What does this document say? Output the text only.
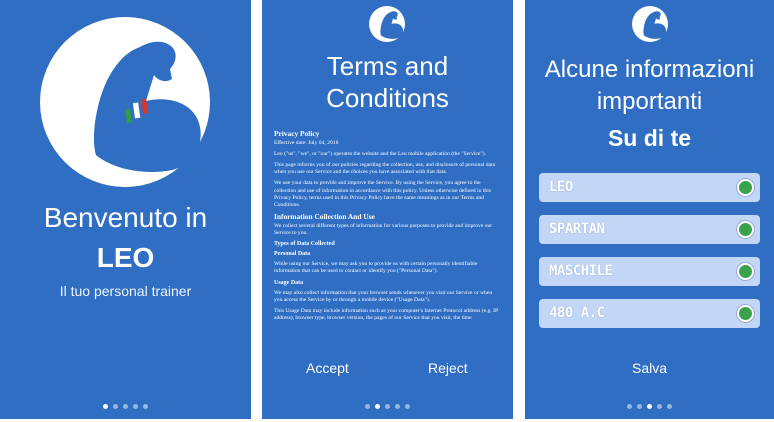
Benvenuto in
LEO
Il tuo personal trainer
Terms and
Conditions
Privacy Policy

Effective date: July 04, 2018

Leo ("us", "we", or "our") operates the website and the Leo mobile application (the "Service").

This page informs you of our policies regarding the collection, use, and disclosure of personal data when you use our Service and the choices you have associated with that data.

We use your data to provide and improve the Service. By using the Service, you agree to the collection and use of information in accordance with this policy. Unless otherwise defined in this Privacy Policy, terms used in this Privacy Policy have the same meanings as in our Terms and Conditions.

Information Collection And Use

We collect several different types of information for various purposes to provide and improve our Service to you.

Types of Data Collected
Personal Data

While using our Service, we may ask you to provide us with certain personally identifiable information that can be used to contact or identify you ("Personal Data").

Usage Data

We may also collect information that your browser sends whenever you visit our Service or when you access the Service by or through a mobile device ("Usage Data").

This Usage Data may include information such as your computer's Internet Protocol address (e.g. IP address), browser type, browser version, the pages of our Service that you visit, the time

Accept	Reject
Alcune informazioni
importanti
Su di te
LEO
SPARTAN
MASCHILE
480 A.C
Salva
